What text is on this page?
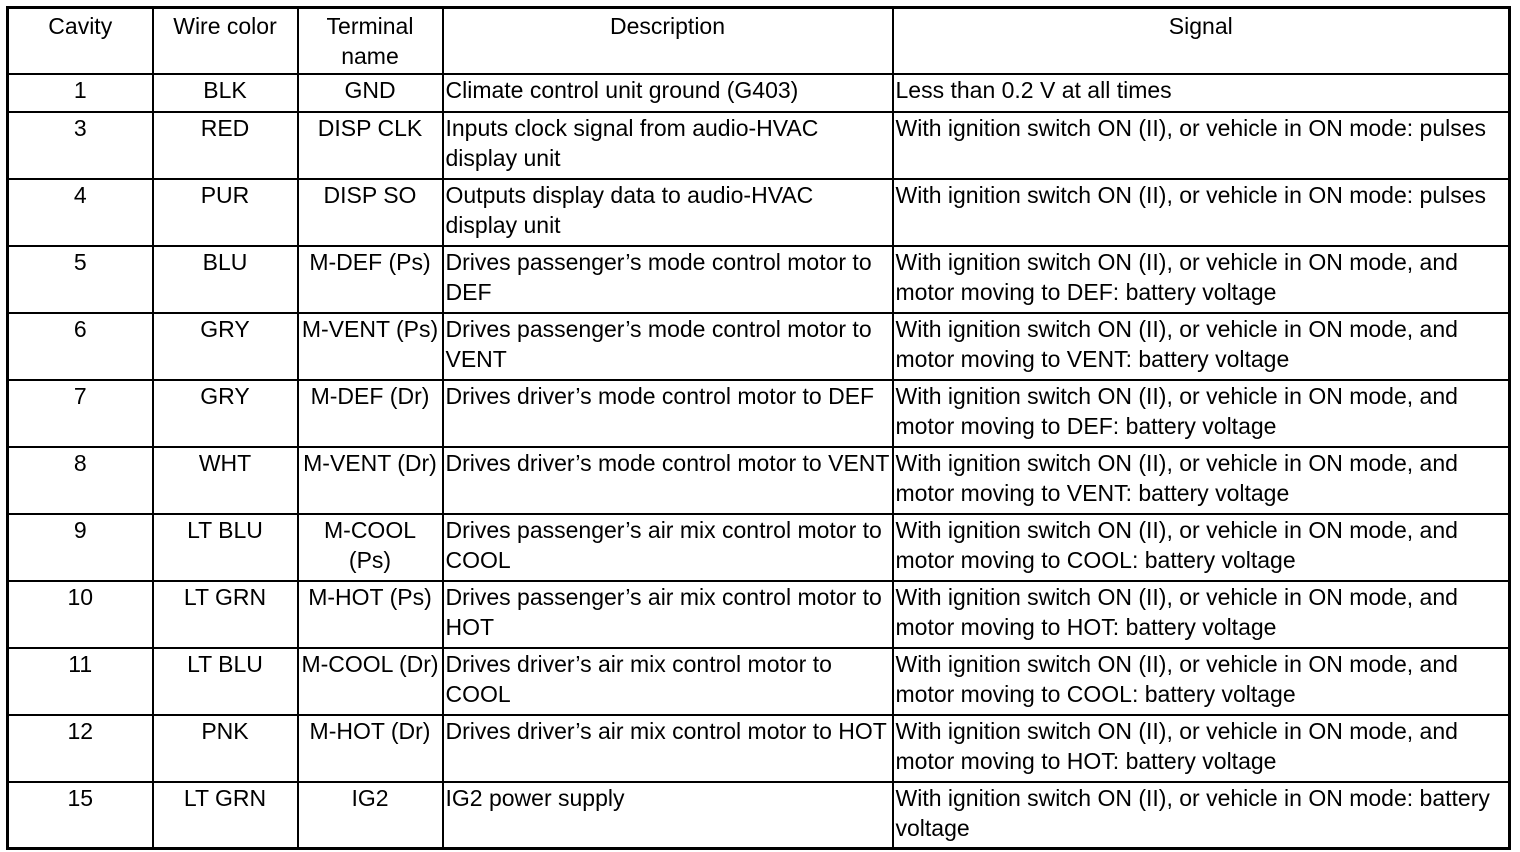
Cavity	Wire color	Terminal name	Description	Signal
1	BLK	GND	Climate control unit ground (G403)	Less than 0.2 V at all times
3	RED	DISP CLK	Inputs clock signal from audio-HVAC display unit	With ignition switch ON (II), or vehicle in ON mode: pulses
4	PUR	DISP SO	Outputs display data to audio-HVAC display unit	With ignition switch ON (II), or vehicle in ON mode: pulses
5	BLU	M-DEF (Ps)	Drives passenger’s mode control motor to DEF	With ignition switch ON (II), or vehicle in ON mode, and motor moving to DEF: battery voltage
6	GRY	M-VENT (Ps)	Drives passenger’s mode control motor to VENT	With ignition switch ON (II), or vehicle in ON mode, and motor moving to VENT: battery voltage
7	GRY	M-DEF (Dr)	Drives driver’s mode control motor to DEF	With ignition switch ON (II), or vehicle in ON mode, and motor moving to DEF: battery voltage
8	WHT	M-VENT (Dr)	Drives driver’s mode control motor to VENT	With ignition switch ON (II), or vehicle in ON mode, and motor moving to VENT: battery voltage
9	LT BLU	M-COOL (Ps)	Drives passenger’s air mix control motor to COOL	With ignition switch ON (II), or vehicle in ON mode, and motor moving to COOL: battery voltage
10	LT GRN	M-HOT (Ps)	Drives passenger’s air mix control motor to HOT	With ignition switch ON (II), or vehicle in ON mode, and motor moving to HOT: battery voltage
11	LT BLU	M-COOL (Dr)	Drives driver’s air mix control motor to COOL	With ignition switch ON (II), or vehicle in ON mode, and motor moving to COOL: battery voltage
12	PNK	M-HOT (Dr)	Drives driver’s air mix control motor to HOT	With ignition switch ON (II), or vehicle in ON mode, and motor moving to HOT: battery voltage
15	LT GRN	IG2	IG2 power supply	With ignition switch ON (II), or vehicle in ON mode: battery voltage
